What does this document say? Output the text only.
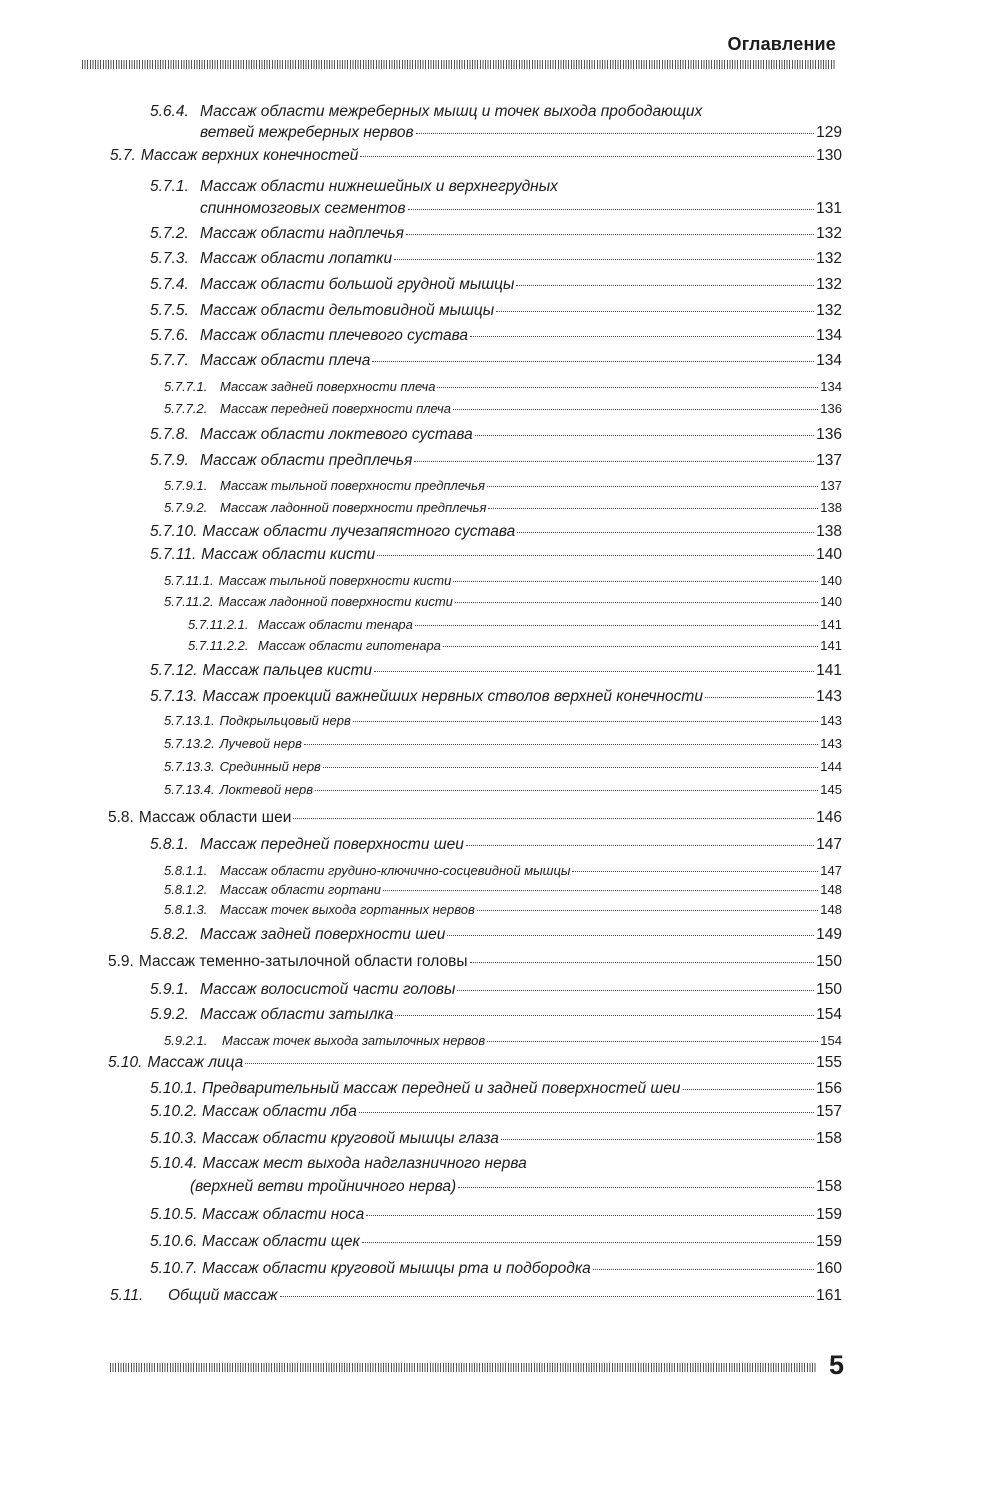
Оглавление
5.6.4. Массаж области межреберных мышц и точек выхода прободающих
ветвей межреберных нервов	129
5.7. Массаж верхних конечностей	130
5.7.1. Массаж области нижнешейных и верхнегрудных
спинномозговых сегментов	131
5.7.2. Массаж области надплечья	132
5.7.3. Массаж области лопатки	132
5.7.4. Массаж области большой грудной мышцы	132
5.7.5. Массаж области дельтовидной мышцы	132
5.7.6. Массаж области плечевого сустава	134
5.7.7. Массаж области плеча	134
5.7.7.1. Массаж задней поверхности плеча	134
5.7.7.2. Массаж передней поверхности плеча	136
5.7.8. Массаж области локтевого сустава	136
5.7.9. Массаж области предплечья	137
5.7.9.1. Массаж тыльной поверхности предплечья	137
5.7.9.2. Массаж ладонной поверхности предплечья	138
5.7.10. Массаж области лучезапястного сустава	138
5.7.11. Массаж области кисти	140
5.7.11.1. Массаж тыльной поверхности кисти	140
5.7.11.2. Массаж ладонной поверхности кисти	140
5.7.11.2.1. Массаж области тенара	141
5.7.11.2.2. Массаж области гипотенара	141
5.7.12. Массаж пальцев кисти	141
5.7.13. Массаж проекций важнейших нервных стволов верхней конечности	143
5.7.13.1. Подкрыльцовый нерв	143
5.7.13.2. Лучевой нерв	143
5.7.13.3. Срединный нерв	144
5.7.13.4. Локтевой нерв	145
5.8. Массаж области шеи	146
5.8.1. Массаж передней поверхности шеи	147
5.8.1.1. Массаж области грудино-ключично-сосцевидной мышцы	147
5.8.1.2. Массаж области гортани	148
5.8.1.3. Массаж точек выхода гортанных нервов	148
5.8.2. Массаж задней поверхности шеи	149
5.9. Массаж теменно-затылочной области головы	150
5.9.1. Массаж волосистой части головы	150
5.9.2. Массаж области затылка	154
5.9.2.1.	Массаж точек выхода затылочных нервов	154
5.10. Массаж лица	155
5.10.1. Предварительный массаж передней и задней поверхностей шеи	156
5.10.2. Массаж области лба	157
5.10.3. Массаж области круговой мышцы глаза	158
5.10.4. Массаж мест выхода надглазничного нерва
(верхней ветви тройничного нерва)	158
5.10.5. Массаж области носа	159
5.10.6. Массаж области щек	159
5.10.7. Массаж области круговой мышцы рта и подбородка	160
5.11.	Общий массаж	161
5
